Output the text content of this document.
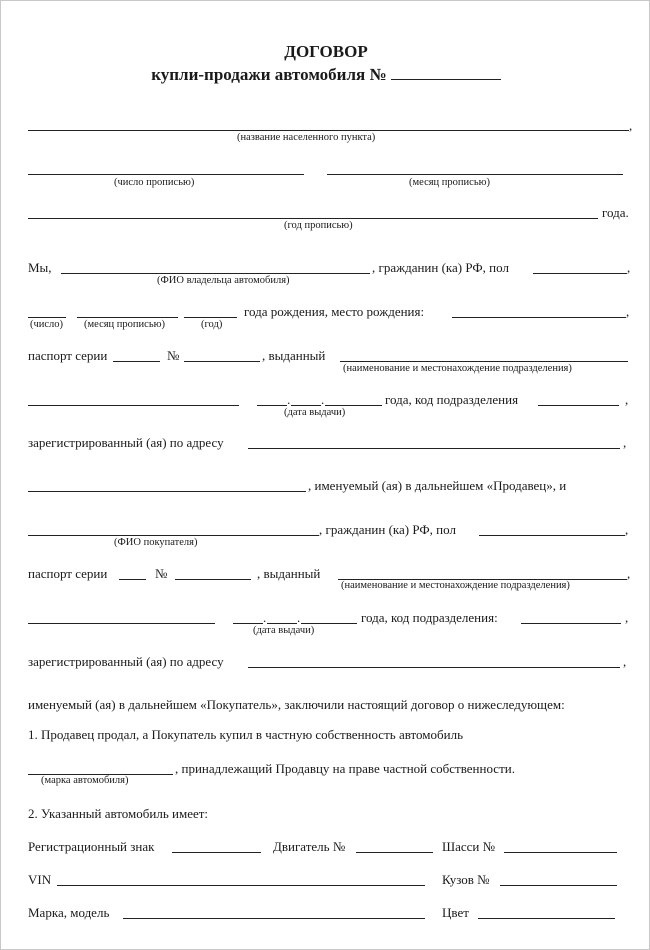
ДОГОВОР
купли-продажи автомобиля №
,
(название населенного пункта)
(число прописью)	(месяц прописью)
года.
(год прописью)
Мы,	, гражданин (ка) РФ, пол	,
(ФИО владельца автомобиля)
года рождения, место рождения:	,
(число) (месяц прописью)	(год)
паспорт серии	№	, выданный
(наименование и местонахождение подразделения)
. .	года, код подразделения	,
(дата выдачи)
зарегистрированный (ая) по адресу	,
, именуемый (ая) в дальнейшем «Продавец», и
, гражданин (ка) РФ, пол	,
(ФИО покупателя)
паспорт серии	№	, выданный	,
(наименование и местонахождение подразделения)
. .	года, код подразделения:	,
(дата выдачи)
зарегистрированный (ая) по адресу	,
именуемый (ая) в дальнейшем «Покупатель», заключили настоящий договор о нижеследующем:
1. Продавец продал, а Покупатель купил в частную собственность автомобиль
, принадлежащий Продавцу на праве частной собственности.
(марка автомобиля)
2. Указанный автомобиль имеет:
Регистрационный знак	Двигатель №	Шасси №
VIN	Кузов №
Марка, модель	Цвет
